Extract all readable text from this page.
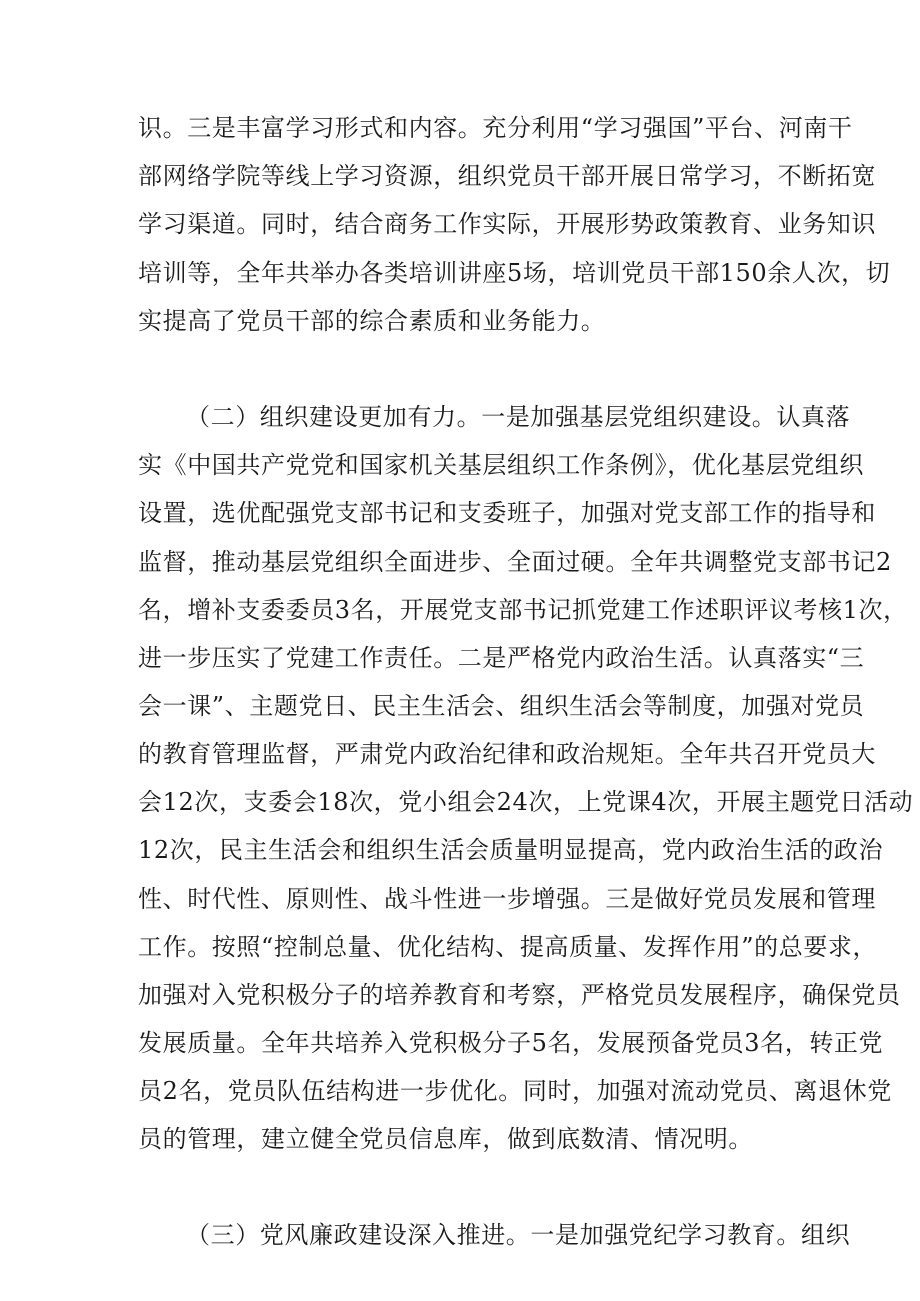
识。三是丰富学习形式和内容。充分利用“学习强国”平台、河南干
部网络学院等线上学习资源，组织党员干部开展日常学习，不断拓宽
学习渠道。同时，结合商务工作实际，开展形势政策教育、业务知识
培训等，全年共举办各类培训讲座5场，培训党员干部150余人次，切
实提高了党员干部的综合素质和业务能力。
（二）组织建设更加有力。一是加强基层党组织建设。认真落
实《中国共产党党和国家机关基层组织工作条例》，优化基层党组织
设置，选优配强党支部书记和支委班子，加强对党支部工作的指导和
监督，推动基层党组织全面进步、全面过硬。全年共调整党支部书记2
名，增补支委委员3名，开展党支部书记抓党建工作述职评议考核1次，
进一步压实了党建工作责任。二是严格党内政治生活。认真落实“三
会一课”、主题党日、民主生活会、组织生活会等制度，加强对党员
的教育管理监督，严肃党内政治纪律和政治规矩。全年共召开党员大
会12次，支委会18次，党小组会24次，上党课4次，开展主题党日活动
12次，民主生活会和组织生活会质量明显提高，党内政治生活的政治
性、时代性、原则性、战斗性进一步增强。三是做好党员发展和管理
工作。按照“控制总量、优化结构、提高质量、发挥作用”的总要求，
加强对入党积极分子的培养教育和考察，严格党员发展程序，确保党员
发展质量。全年共培养入党积极分子5名，发展预备党员3名，转正党
员2名，党员队伍结构进一步优化。同时，加强对流动党员、离退休党
员的管理，建立健全党员信息库，做到底数清、情况明。
（三）党风廉政建设深入推进。一是加强党纪学习教育。组织
